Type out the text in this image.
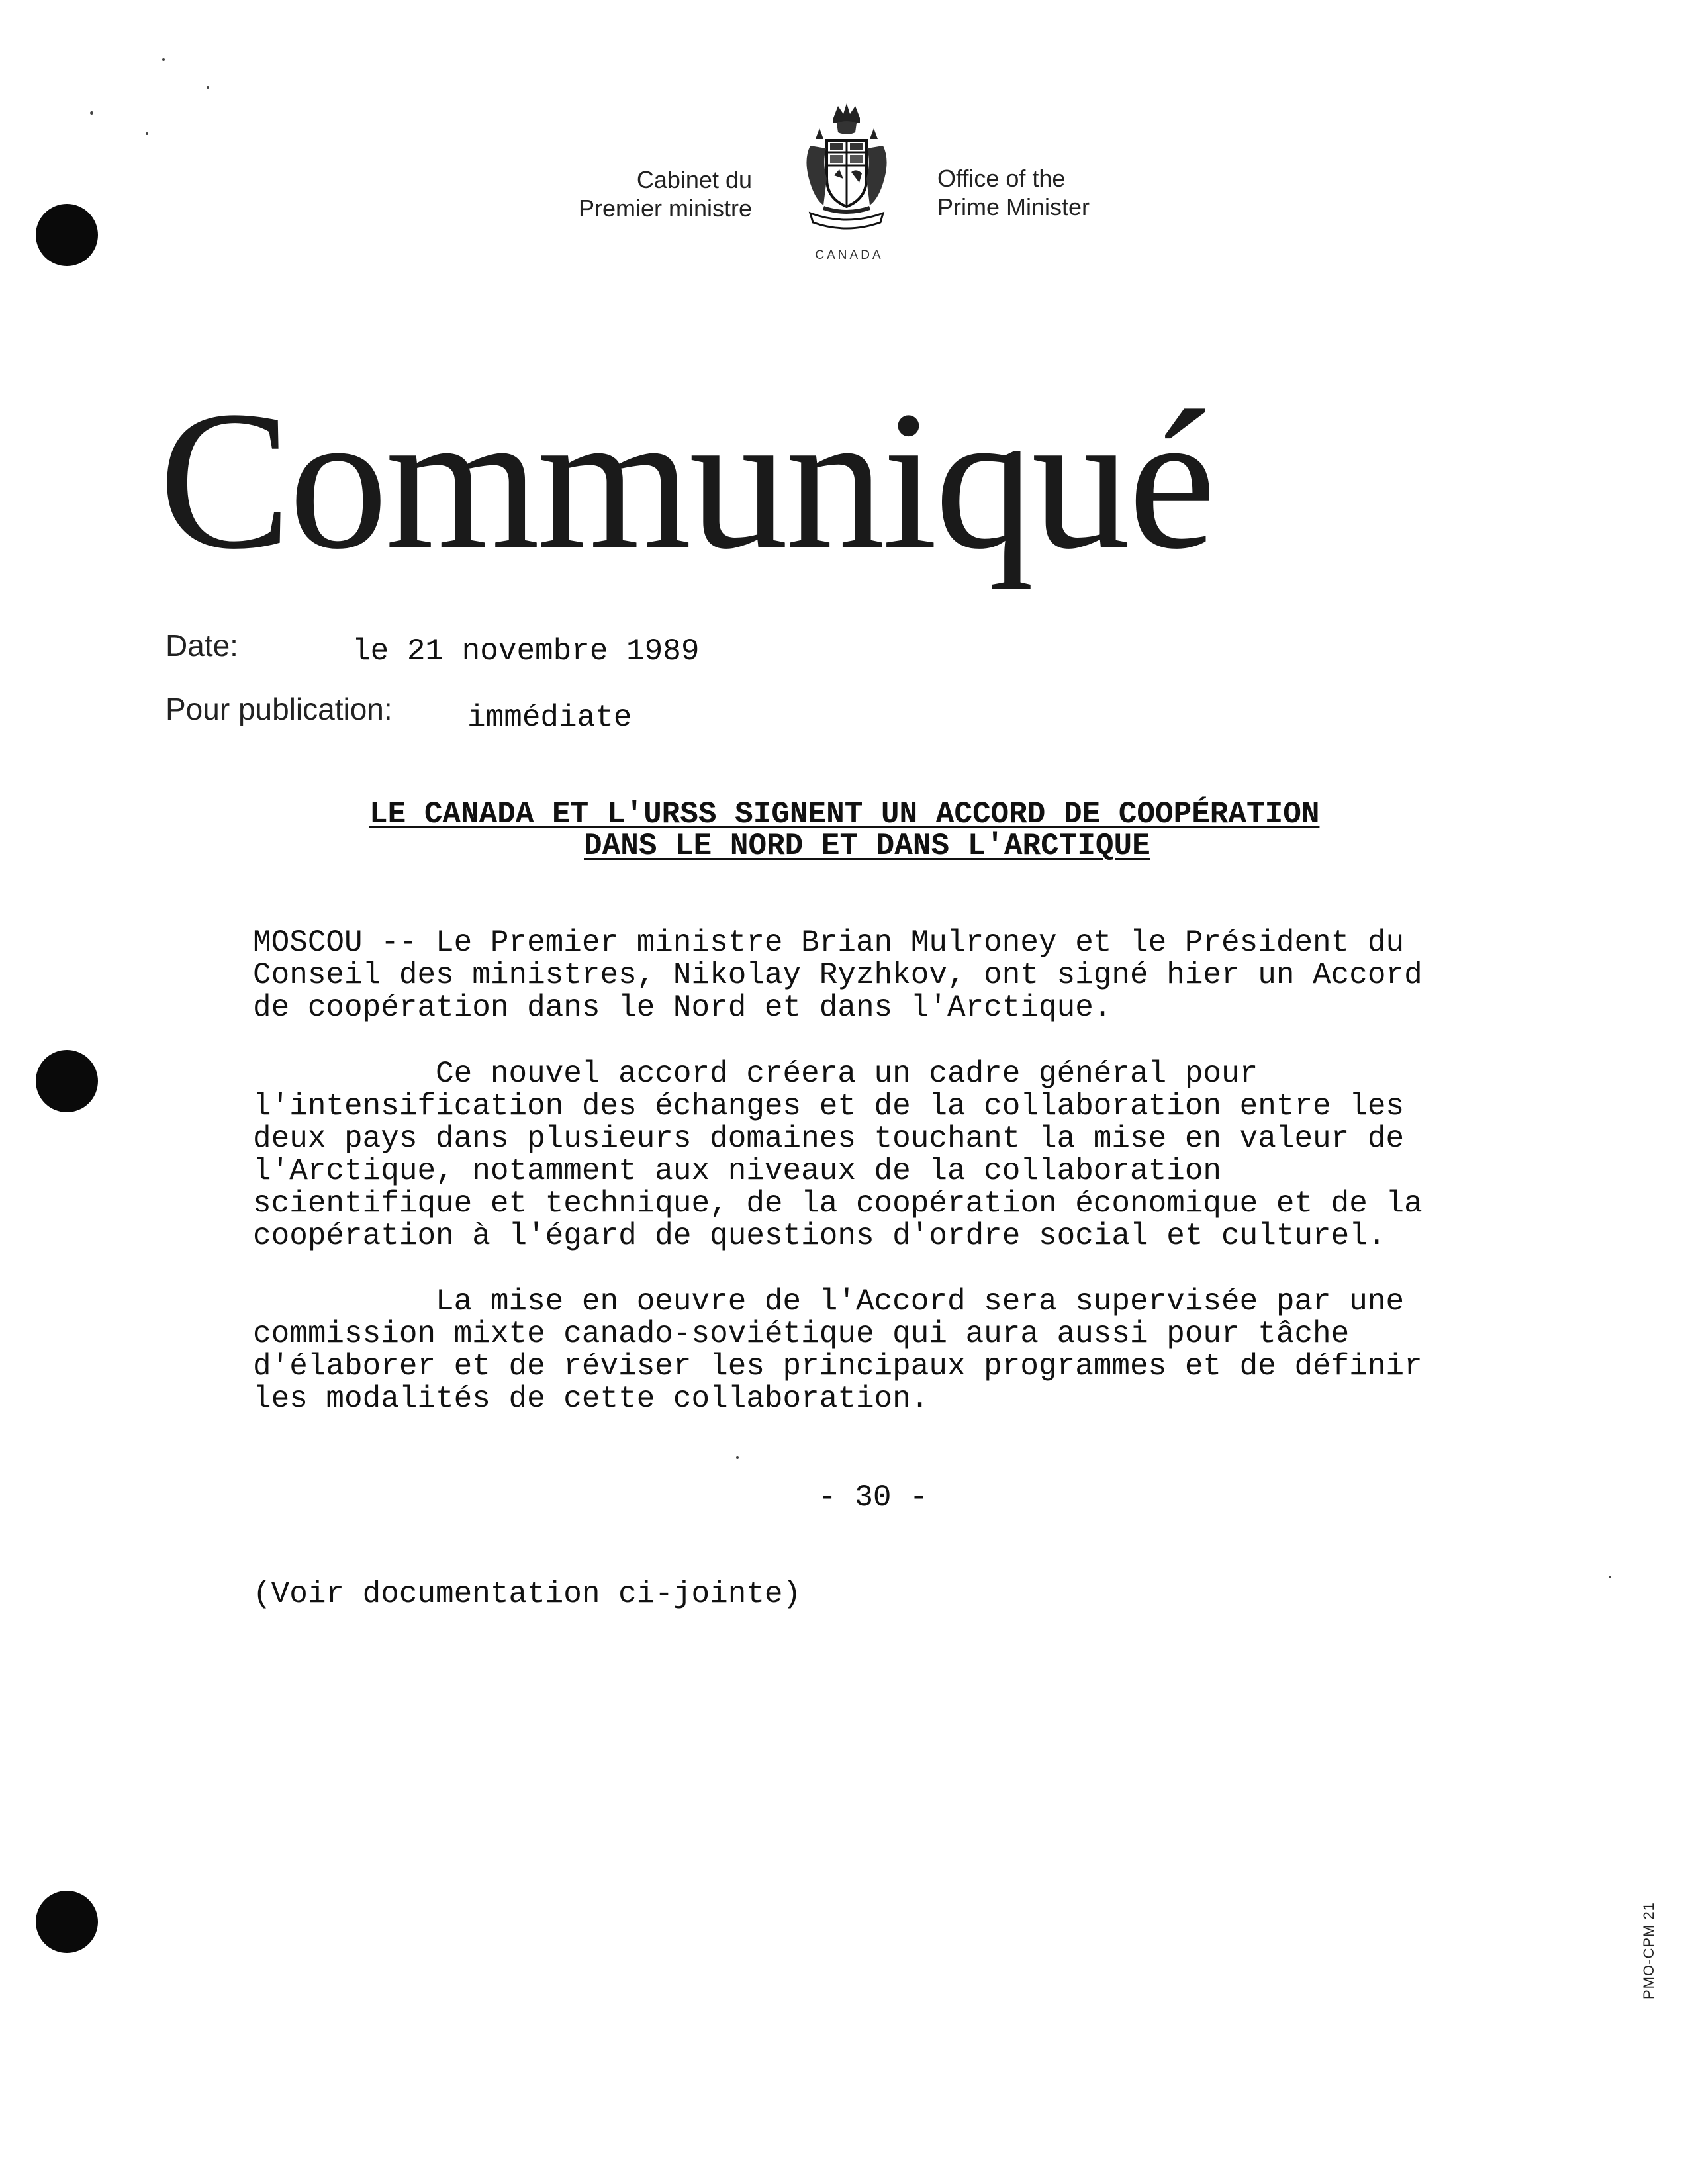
Cabinet du
Premier ministre
CANADA
Office of the
Prime Minister
Communiqué
Date:	le 21 novembre 1989
Pour publication: immédiate
LE CANADA ET L'URSS SIGNENT UN ACCORD DE COOPÉRATION
DANS LE NORD ET DANS L'ARCTIQUE
MOSCOU -- Le Premier ministre Brian Mulroney et le Président du
Conseil des ministres, Nikolay Ryzhkov, ont signé hier un Accord
de coopération dans le Nord et dans l'Arctique.
Ce nouvel accord créera un cadre général pour
l'intensification des échanges et de la collaboration entre les
deux pays dans plusieurs domaines touchant la mise en valeur de
l'Arctique, notamment aux niveaux de la collaboration
scientifique et technique, de la coopération économique et de la
coopération à l'égard de questions d'ordre social et culturel.
La mise en oeuvre de l'Accord sera supervisée par une
commission mixte canado-soviétique qui aura aussi pour tâche
d'élaborer et de réviser les principaux programmes et de définir
les modalités de cette collaboration.
- 30 -
(Voir documentation ci-jointe)
PMO-CPM 21
